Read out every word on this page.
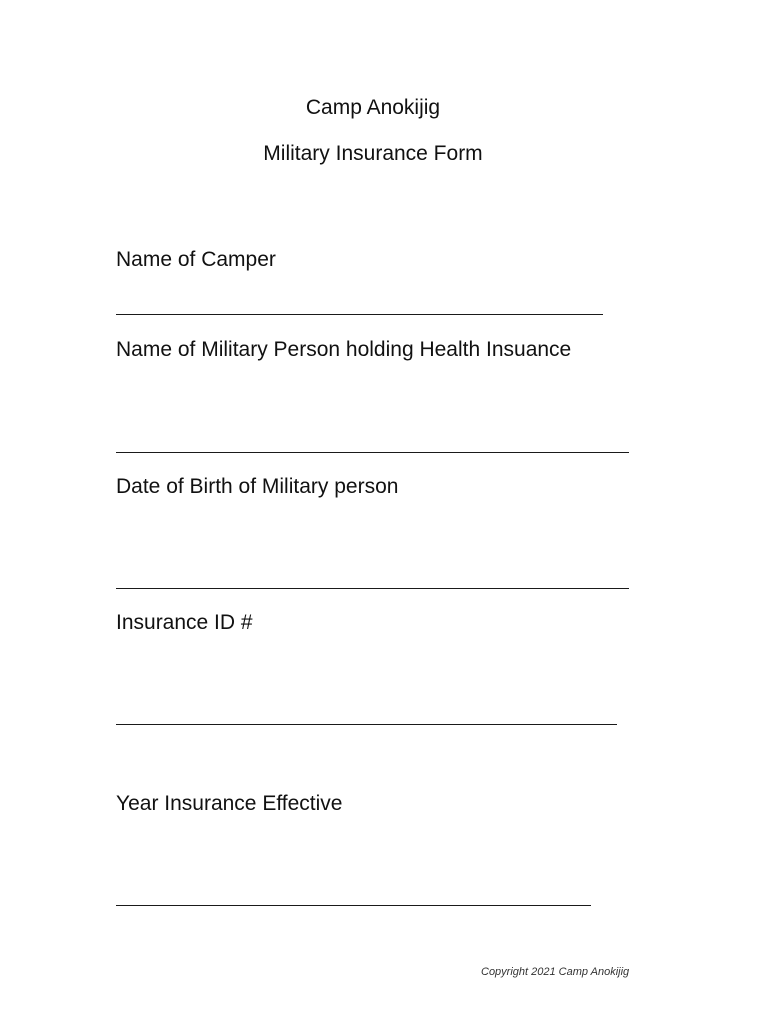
Camp Anokijig
Military Insurance Form
Name of Camper
Name of Military Person holding Health Insuance
Date of Birth of Military person
Insurance ID #
Year Insurance Effective
Copyright 2021 Camp Anokijig
